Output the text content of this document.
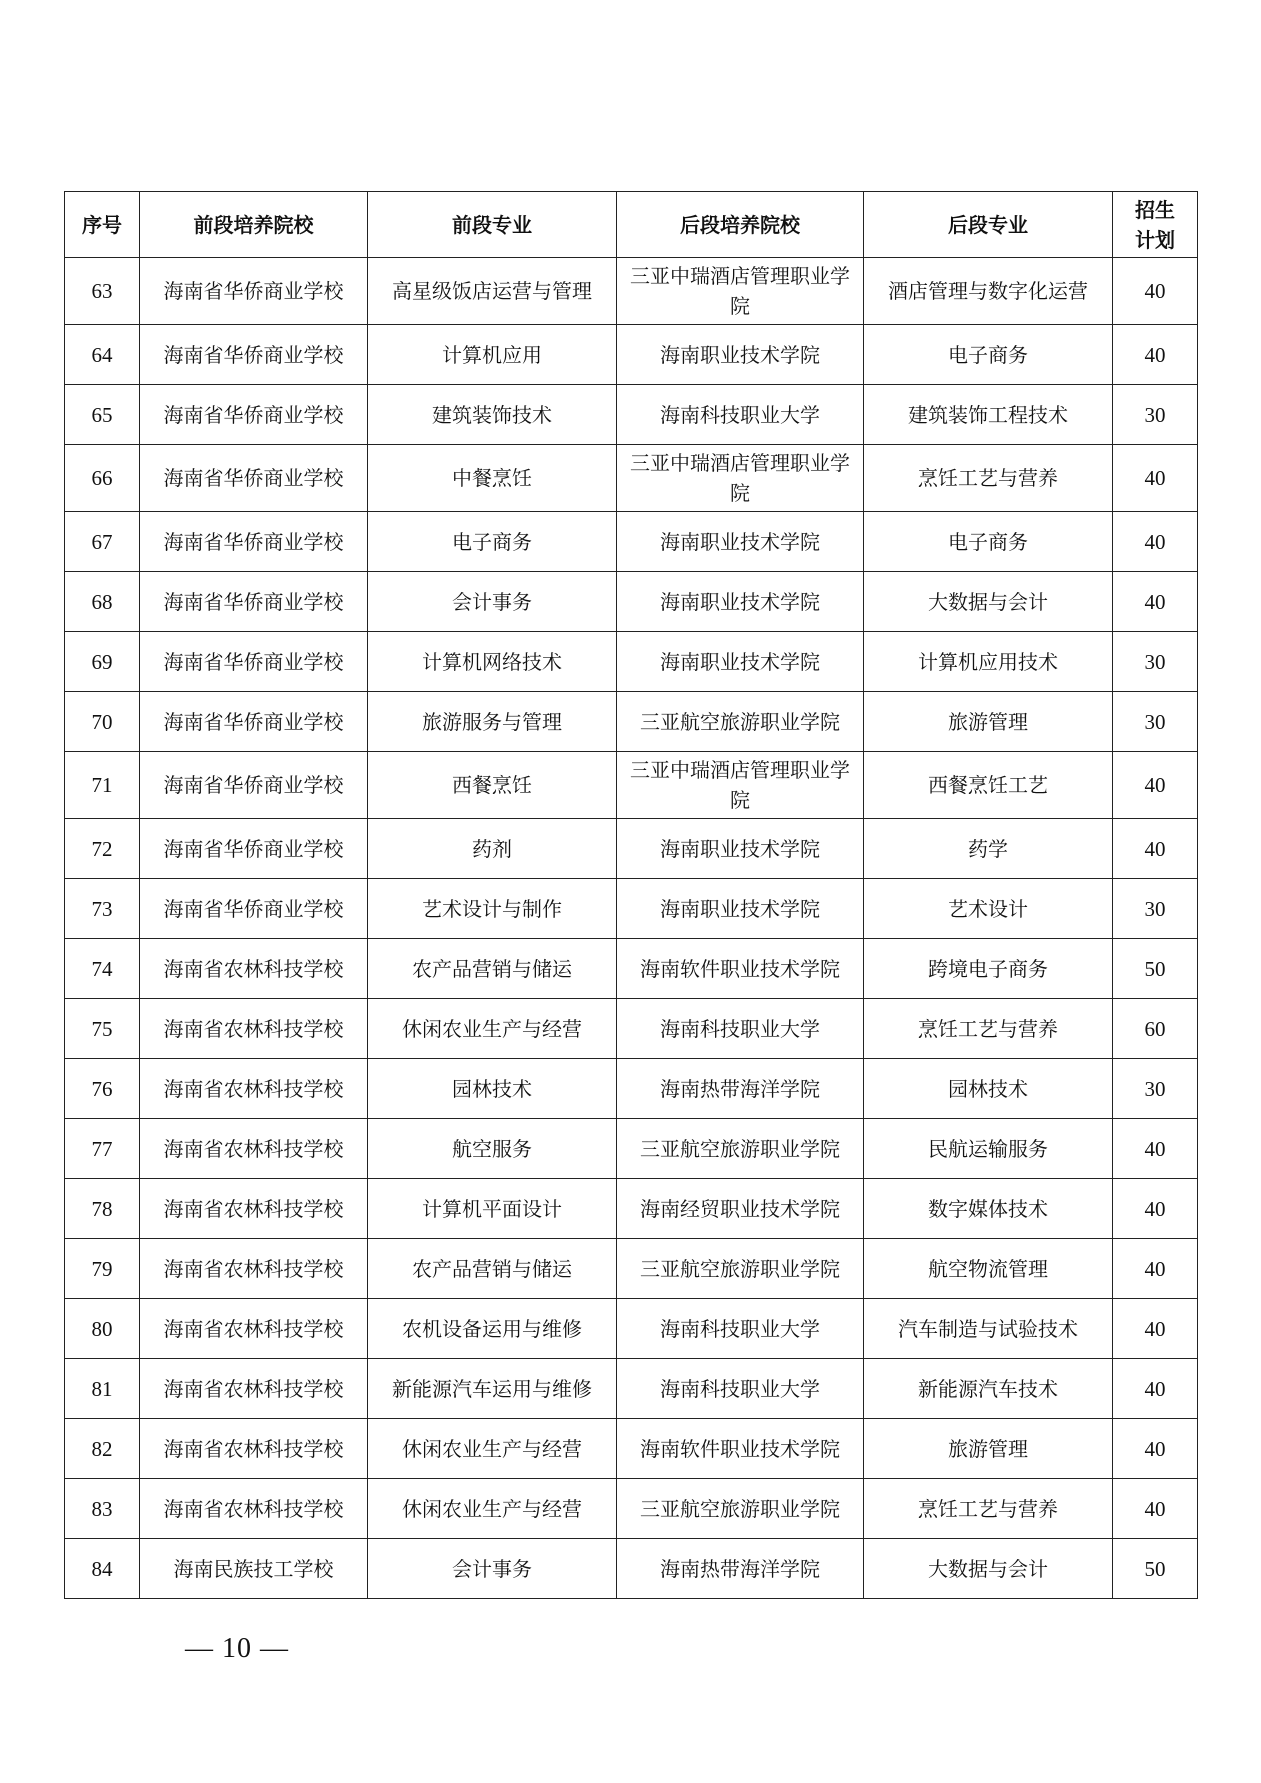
序号	前段培养院校	前段专业	后段培养院校	后段专业	招生
计划

63	海南省华侨商业学校	高星级饭店运营与管理	三亚中瑞酒店管理职业学院	酒店管理与数字化运营	40
64	海南省华侨商业学校	计算机应用	海南职业技术学院	电子商务	40
65	海南省华侨商业学校	建筑装饰技术	海南科技职业大学	建筑装饰工程技术	30
66	海南省华侨商业学校	中餐烹饪	三亚中瑞酒店管理职业学院	烹饪工艺与营养	40
67	海南省华侨商业学校	电子商务	海南职业技术学院	电子商务	40
68	海南省华侨商业学校	会计事务	海南职业技术学院	大数据与会计	40
69	海南省华侨商业学校	计算机网络技术	海南职业技术学院	计算机应用技术	30
70	海南省华侨商业学校	旅游服务与管理	三亚航空旅游职业学院	旅游管理	30
71	海南省华侨商业学校	西餐烹饪	三亚中瑞酒店管理职业学院	西餐烹饪工艺	40
72	海南省华侨商业学校	药剂	海南职业技术学院	药学	40
73	海南省华侨商业学校	艺术设计与制作	海南职业技术学院	艺术设计	30
74	海南省农林科技学校	农产品营销与储运	海南软件职业技术学院	跨境电子商务	50
75	海南省农林科技学校	休闲农业生产与经营	海南科技职业大学	烹饪工艺与营养	60
76	海南省农林科技学校	园林技术	海南热带海洋学院	园林技术	30
77	海南省农林科技学校	航空服务	三亚航空旅游职业学院	民航运输服务	40
78	海南省农林科技学校	计算机平面设计	海南经贸职业技术学院	数字媒体技术	40
79	海南省农林科技学校	农产品营销与储运	三亚航空旅游职业学院	航空物流管理	40
80	海南省农林科技学校	农机设备运用与维修	海南科技职业大学	汽车制造与试验技术	40
81	海南省农林科技学校	新能源汽车运用与维修	海南科技职业大学	新能源汽车技术	40
82	海南省农林科技学校	休闲农业生产与经营	海南软件职业技术学院	旅游管理	40
83	海南省农林科技学校	休闲农业生产与经营	三亚航空旅游职业学院	烹饪工艺与营养	40
84	海南民族技工学校	会计事务	海南热带海洋学院	大数据与会计	50
— 10 —
